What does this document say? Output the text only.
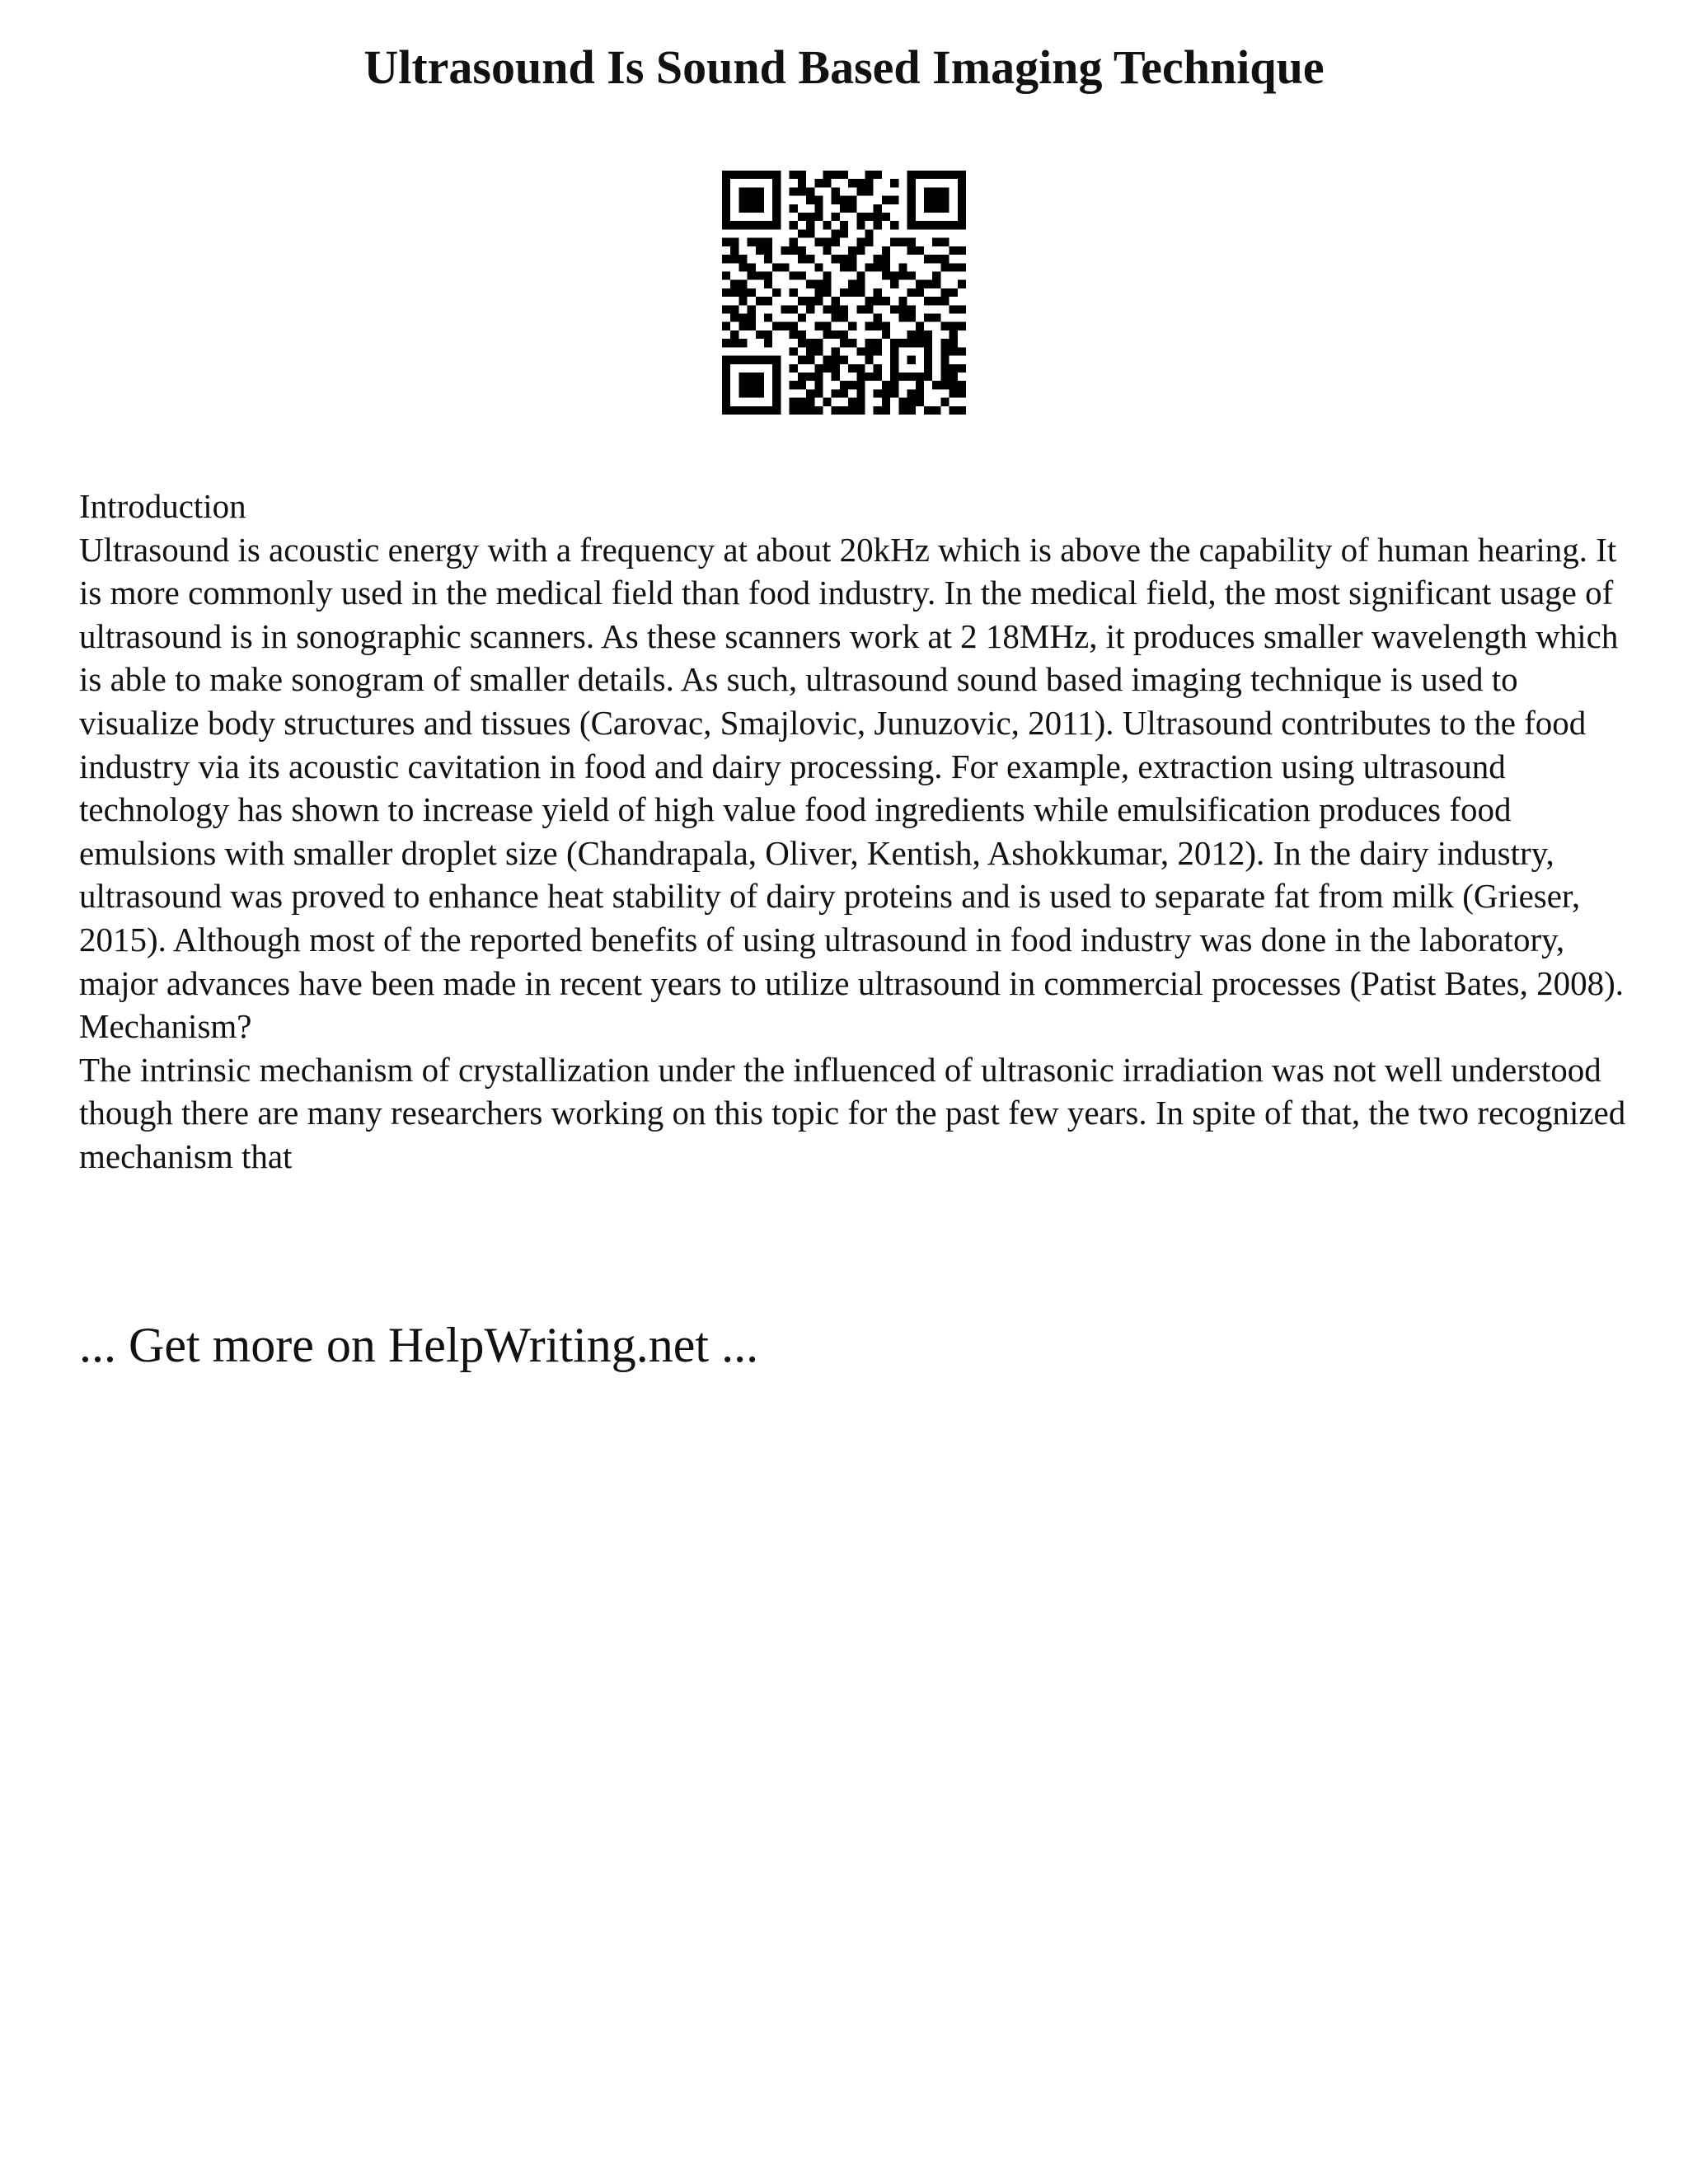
Ultrasound Is Sound Based Imaging Technique

Introduction

Ultrasound is acoustic energy with a frequency at about 20kHz which is above the capability of human hearing. It is more commonly used in the medical field than food industry. In the medical field, the most significant usage of ultrasound is in sonographic scanners. As these scanners work at 2 18MHz, it produces smaller wavelength which is able to make sonogram of smaller details. As such, ultrasound sound based imaging technique is used to visualize body structures and tissues (Carovac, Smajlovic, Junuzovic, 2011). Ultrasound contributes to the food industry via its acoustic cavitation in food and dairy processing. For example, extraction using ultrasound technology has shown to increase yield of high value food ingredients while emulsification produces food emulsions with smaller droplet size (Chandrapala, Oliver, Kentish, Ashokkumar, 2012). In the dairy industry, ultrasound was proved to enhance heat stability of dairy proteins and is used to separate fat from milk (Grieser, 2015). Although most of the reported benefits of using ultrasound in food industry was done in the laboratory, major advances have been made in recent years to utilize ultrasound in commercial processes (Patist Bates, 2008).

Mechanism?

The intrinsic mechanism of crystallization under the influenced of ultrasonic irradiation was not well understood though there are many researchers working on this topic for the past few years. In spite of that, the two recognized mechanism that

... Get more on HelpWriting.net ...
